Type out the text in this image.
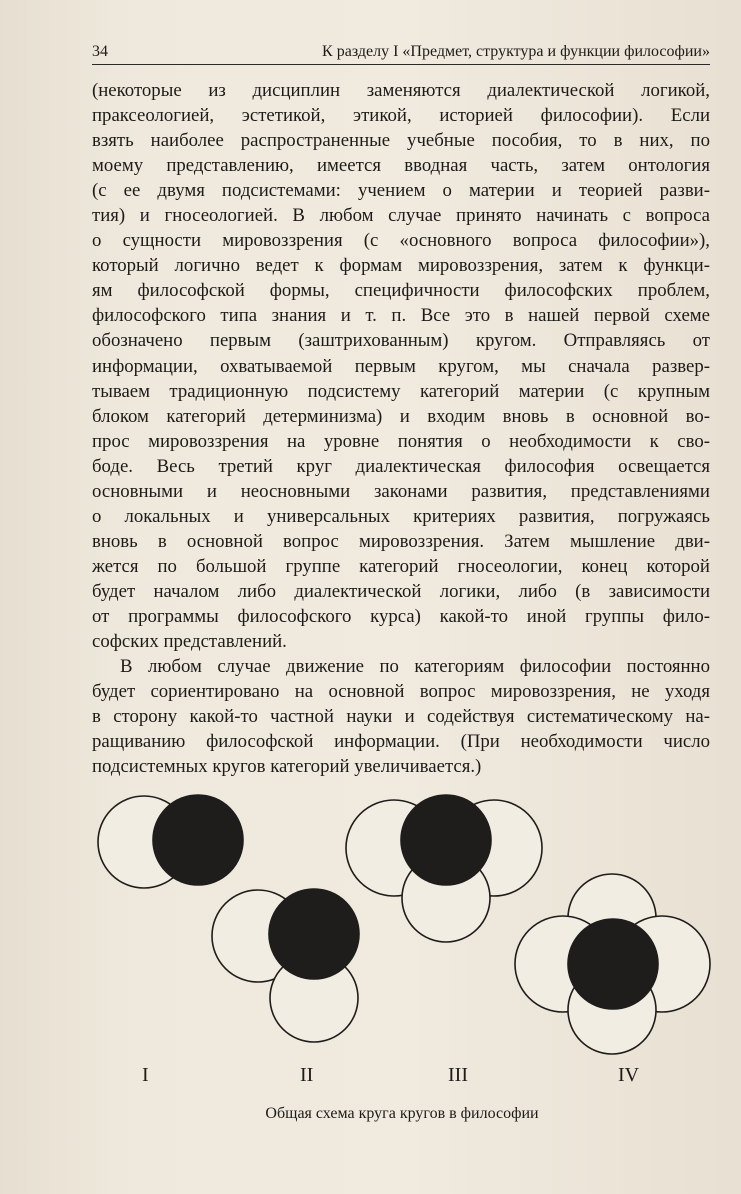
34	К разделу I «Предмет, структура и функции философии»
(некоторые из дисциплин заменяются диалектической логикой,
праксеологией, эстетикой, этикой, историей философии). Если
взять наиболее распространенные учебные пособия, то в них, по
моему представлению, имеется вводная часть, затем онтология
(с ее двумя подсистемами: учением о материи и теорией разви-
тия) и гносеологией. В любом случае принято начинать с вопроса
о сущности мировоззрения (с «основного вопроса философии»),
который логично ведет к формам мировоззрения, затем к функци-
ям философской формы, специфичности философских проблем,
философского типа знания и т. п. Все это в нашей первой схеме
обозначено первым (заштрихованным) кругом. Отправляясь от
информации, охватываемой первым кругом, мы сначала развер-
тываем традиционную подсистему категорий материи (с крупным
блоком категорий детерминизма) и входим вновь в основной во-
прос мировоззрения на уровне понятия о необходимости к сво-
боде. Весь третий круг диалектическая философия освещается
основными и неосновными законами развития, представлениями
о локальных и универсальных критериях развития, погружаясь
вновь в основной вопрос мировоззрения. Затем мышление дви-
жется по большой группе категорий гносеологии, конец которой
будет началом либо диалектической логики, либо (в зависимости
от программы философского курса) какой-то иной группы фило-
софских представлений.
В любом случае движение по категориям философии постоянно
будет сориентировано на основной вопрос мировоззрения, не уходя
в сторону какой-то частной науки и содействуя систематическому на-
ращиванию философской информации. (При необходимости число
подсистемных кругов категорий увеличивается.)
I	II	III	IV
Общая схема круга кругов в философии
